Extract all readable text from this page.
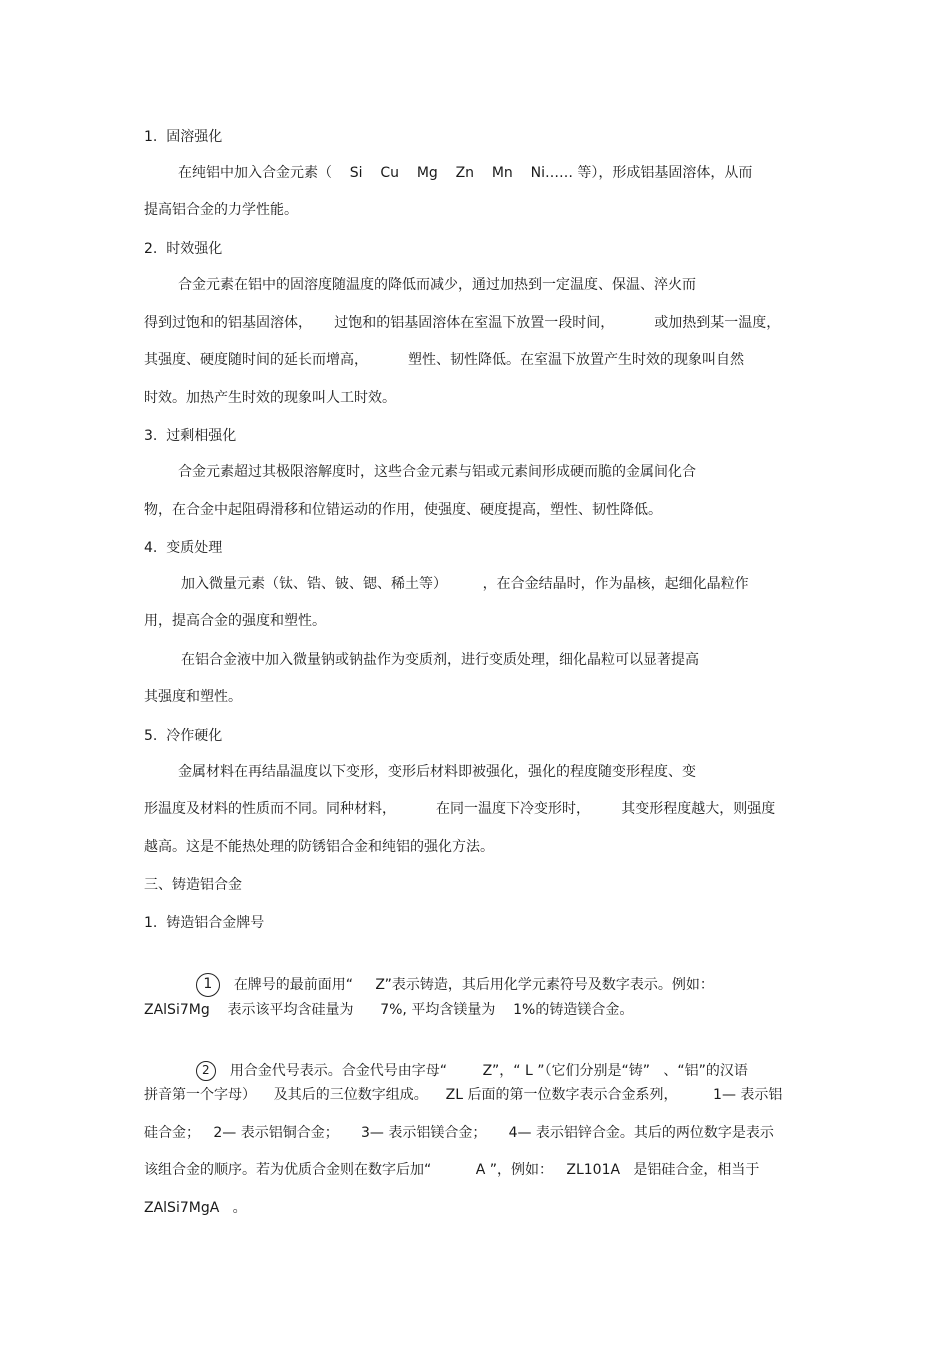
1.  固溶强化
在纯铝中加入合金元素（    Si    Cu    Mg    Zn    Mn    Ni…… 等），形成铝基固溶体，从而
提高铝合金的力学性能。
2.  时效强化
合金元素在铝中的固溶度随温度的降低而减少，通过加热到一定温度、保温、淬火而
得到过饱和的铝基固溶体，     过饱和的铝基固溶体在室温下放置一段时间，         或加热到某一温度，
其强度、硬度随时间的延长而增高，         塑性、韧性降低。在室温下放置产生时效的现象叫自然
时效。加热产生时效的现象叫人工时效。
3.  过剩相强化
合金元素超过其极限溶解度时，这些合金元素与铝或元素间形成硬而脆的金属间化合
物，在合金中起阻碍滑移和位错运动的作用，使强度、硬度提高，塑性、韧性降低。
4.  变质处理
加入微量元素（钛、锆、铍、锶、稀土等）        ，在合金结晶时，作为晶核，起细化晶粒作
用，提高合金的强度和塑性。
在铝合金液中加入微量钠或钠盐作为变质剂，进行变质处理，细化晶粒可以显著提高
其强度和塑性。
5.  冷作硬化
金属材料在再结晶温度以下变形，变形后材料即被强化，强化的程度随变形程度、变
形温度及材料的性质而不同。同种材料，         在同一温度下冷变形时，       其变形程度越大，则强度
越高。这是不能热处理的防锈铝合金和纯铝的强化方法。
三、铸造铝合金
1.  铸造铝合金牌号

1 在牌号的最前面用“     Z”表示铸造，其后用化学元素符号及数字表示。例如：

ZAlSi7Mg    表示该平均含硅量为      7%, 平均含镁量为    1%的铸造镁合金。

2 用合金代号表示。合金代号由字母“        Z”，“ L ”（它们分别是“铸”   、“铝”的汉语

拼音第一个字母）    及其后的三位数字组成。    ZL 后面的第一位数字表示合金系列，        1— 表示铝
硅合金；   2— 表示铝铜合金；     3— 表示铝镁合金；     4— 表示铝锌合金。其后的两位数字是表示
该组合金的顺序。若为优质合金则在数字后加“          A ”，例如：   ZL101A   是铝硅合金，相当于
ZAlSi7MgA   。
